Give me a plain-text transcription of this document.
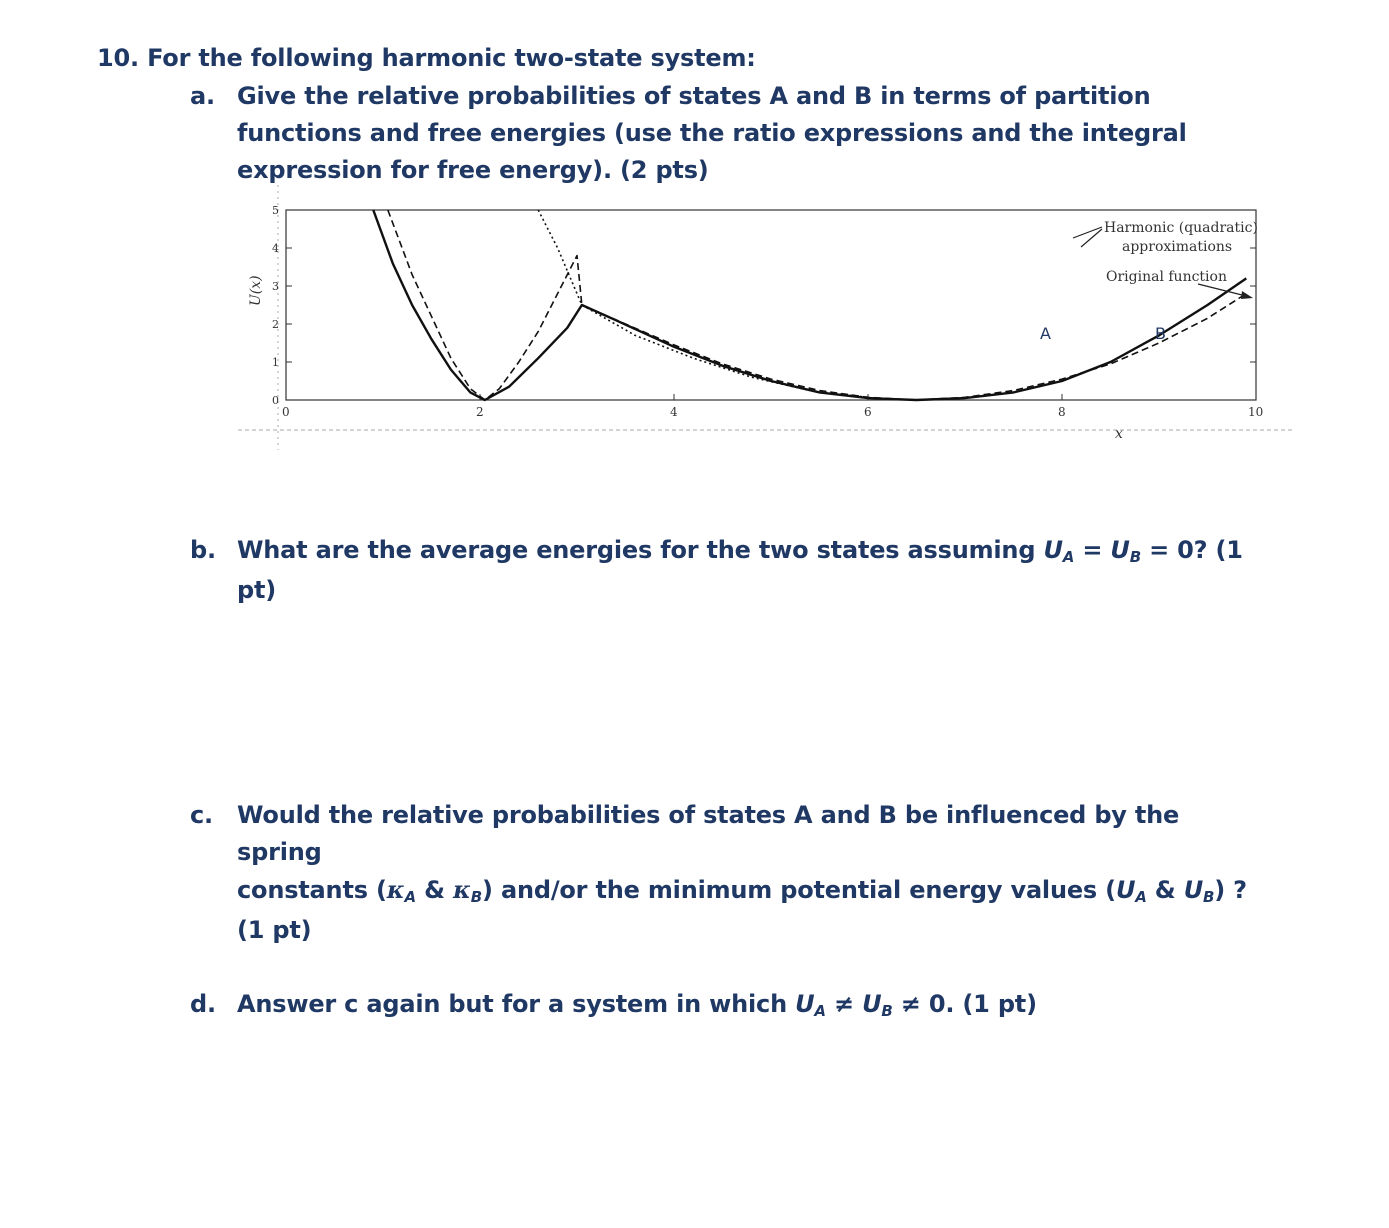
10. For the following harmonic two-state system:
a. Give the relative probabilities of states A and B in terms of partition functions and free energies (use the ratio expressions and the integral expression for free energy). (2 pts)
0	2	4	6	8	10
0
1
2
3
4
5
Harmonic (quadratic)
approximations
Original function
A	B
U(x)
x
b. What are the average energies for the two states assuming UA = UB = 0? (1 pt)
c. Would the relative probabilities of states A and B be influenced by the spring
constants (κA & κB) and/or the minimum potential energy values (UA & UB) ?
(1 pt)
d. Answer c again but for a system in which UA ≠ UB ≠ 0. (1 pt)
